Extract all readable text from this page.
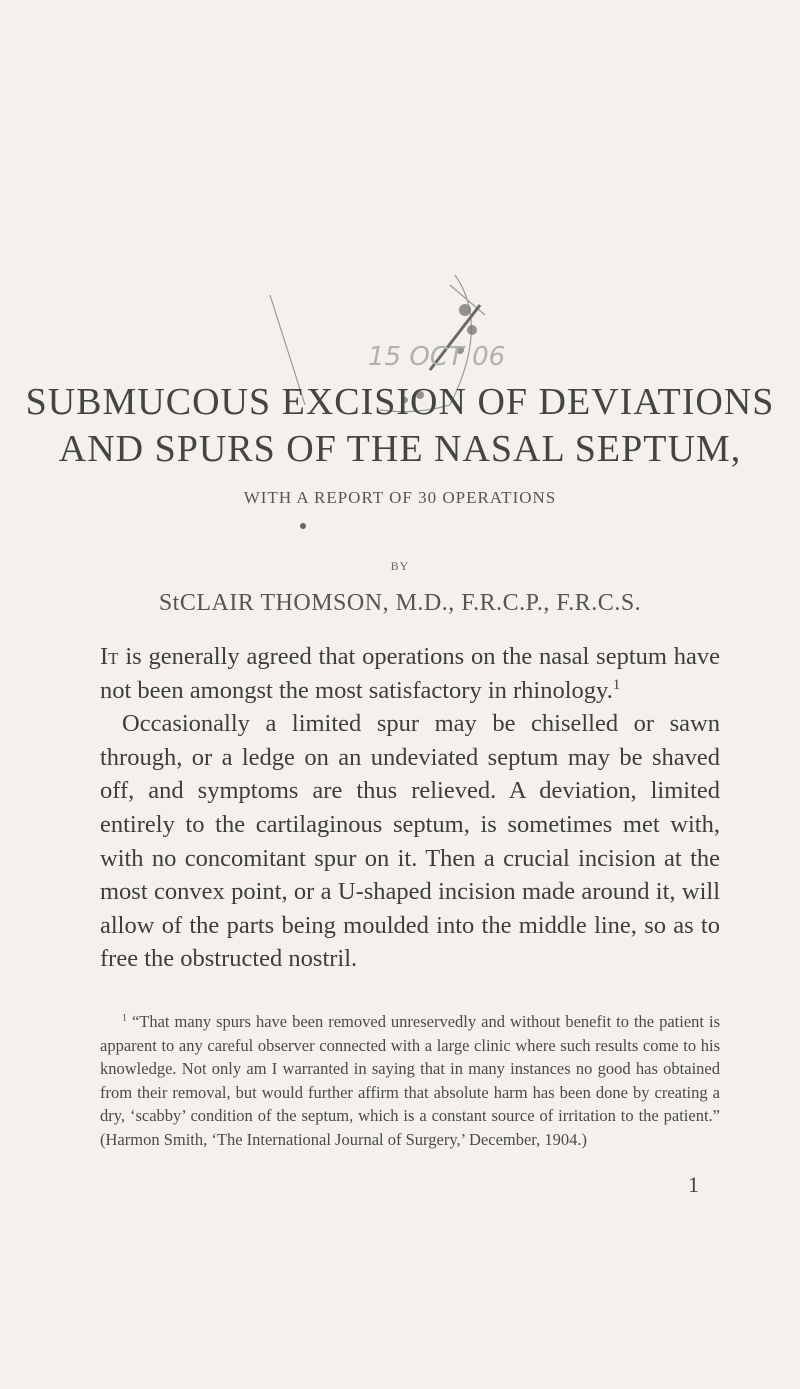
15 OCT 06
SUBMUCOUS EXCISION OF DEVIATIONS
AND SPURS OF THE NASAL SEPTUM,

WITH A REPORT OF 30 OPERATIONS

BY

StCLAIR THOMSON, M.D., F.R.C.P., F.R.C.S.

It is generally agreed that operations on the nasal septum have not been amongst the most satisfactory in rhinology.$^1$

Occasionally a limited spur may be chiselled or sawn through, or a ledge on an undeviated septum may be shaved off, and symptoms are thus relieved. A deviation, limited entirely to the cartilaginous septum, is sometimes met with, with no concomitant spur on it. Then a crucial incision at the most convex point, or a U-shaped incision made around it, will allow of the parts being moulded into the middle line, so as to free the obstructed nostril.

$^1$ “That many spurs have been removed unreservedly and without benefit to the patient is apparent to any careful observer connected with a large clinic where such results come to his knowledge. Not only am I warranted in saying that in many instances no good has obtained from their removal, but would further affirm that absolute harm has been done by creating a dry, ‘scabby’ condition of the septum, which is a constant source of irritation to the patient.” (Harmon Smith, ‘The International Journal of Surgery,’ December, 1904.)

1
